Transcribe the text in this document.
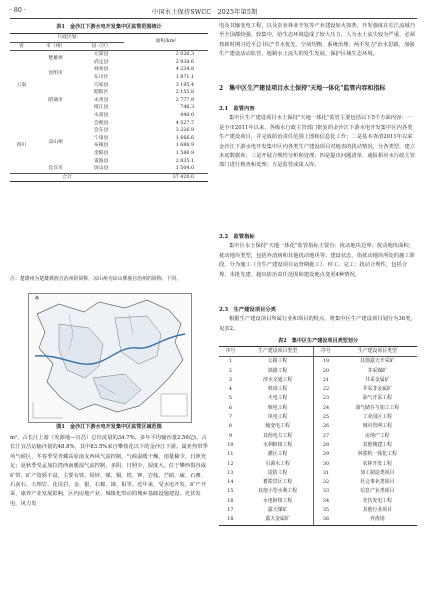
· 80 ·	中国水土保持SWCC　2025年第5期
表1　金沙江下游水电开发集中区监管范围统计
行政区划			面积/km²
省	市（州）	县（区）	
云南	楚雄州	元谋县	2 026.3
		武定县	2 938.6
	昆明市	禄劝县	4 234.8
		东川区	1 871.1
	昭通市	巧家县	3 195.4
		昭阳区	2 155.8
		永善县	2 777.9
		绥江县	746.3
		水富县	440.0
四川	凉山州	会理县	4 527.7
		会东县	3 226.9
		宁南县	1 666.6
		布拖县	1 686.9
		金阳县	1 586.9
		雷波县	2 835.1
	宜宾市	屏山县	1 504.0
合计			37 420.0
注：楚雄州为楚雄彝族自治州的简称，凉山州为凉山彝族自治州的简称，下同。
图1　金沙江下游水电开发集中区监管区域范围

m²，占长江上游（发源地—宜昌）总径流量的34.7%，多年平均输沙量2.56亿t，占长江宜昌站输沙量的48.8%，其中83.5%来自攀枝花以下的金沙江下游。属亚热带季风气候区，冬春季受青藏高原南支西风气流控制，气候温暖干燥，雨量稀少，日照充足；夏秋季受孟加拉湾西南暖湿气流控制，多阴、日照少，湿度大。位于攀西裂谷成矿带，矿产资源丰富，主要有铁、铅锌、煤、铜、铁、钾、岩盐、芒硝、硫、石膏、石灰石、大理岩、花岗岩、金、银、石棉、锑、钼等。近年来，受水电开发、矿产开采、康养产业发展影响，区内房地产业、城镇化带动的城乡基础设施建设、光伏发电、风力发

电及其输变电工程，以及农业林业开发等产业建设如火如荼，开发强度在长江流域乃至全国都较强、较集中，给生态环境造成了较大压力，人为水土流失较为严重，必须按新时期习近平总书记"节水优先、空间均衡、系统治理、两手发力"治水思路，加强生产建设活动监管，遏制水土流失的发生发展，保护区域生态环境。

2　集中区生产建设项目水土保持"天地一体化"监管内容和指标
2.1　监管内容

集中区生产建设项目水土保持"天地一体化"监管主要包括以下5个方面内容：一是全市2011年以来，各级水行政主管部门批复的金沙江下游水电开发集中区内各类生产建设项目，并完成防治责任范围上图和信息化工作；二是基本查清2011年以来金沙江下游水电开发集中区内各类生产建设项目对地表的扰动情况，分各类型，建立本底数据库；三是开展合规性分析和处理；四是提出问题清单，通报相应水行政主管部门进行核查和处理；五是监管成果入库。

2.2　监管指标

集中区水土保持"天地一体化"监管指标主要有：扰动地块边界；扰动地块面积；扰动地块类型，包括弃渣场和其他扰动地块等；建设状态，指扰动地块所处的施工阶段，分为施工（含生产建设项目运营期施工）、停工、完工；扰动合规性，包括合规、未批先建、超出防治责任范围和建设地点变更4种情况。

2.3　生产建设项目分类

根据生产建设项目所属行业和项目的特点，将集中区生产建设项目划分为36类，见表2。

表2　集中区生产建设项目类型划分
序号	生产建设项目类型	序号	生产建设项目类型
1	公路工程	19	其他露天开采矿
2	铁路工程	20	井采煤矿
3	涉水交通工程	21	井采金属矿
4	机场工程	22	井采非金属矿
5	火电工程	23	油气开采工程
6	核电工程	24	油气储存与加工工程
7	风电工程	25	工业园区工程
8	输变电工程	26	城市管网工程
9	其他电力工程	27	房地产工程
10	水利枢纽工程	28	其他城建工程
11	灌区工程	29	林浆纸一体化工程
12	引调水工程	30	农林开发工程
13	堤防工程	31	加工制造类项目
14	蓄滞洪区工程	32	社会事业类项目
15	其他小型水利工程	33	信息产业类项目
16	水电枢纽工程	34	光伏发电工程
17	露天煤矿	35	其他行业项目
18	露天金属矿	36	弃渣场
